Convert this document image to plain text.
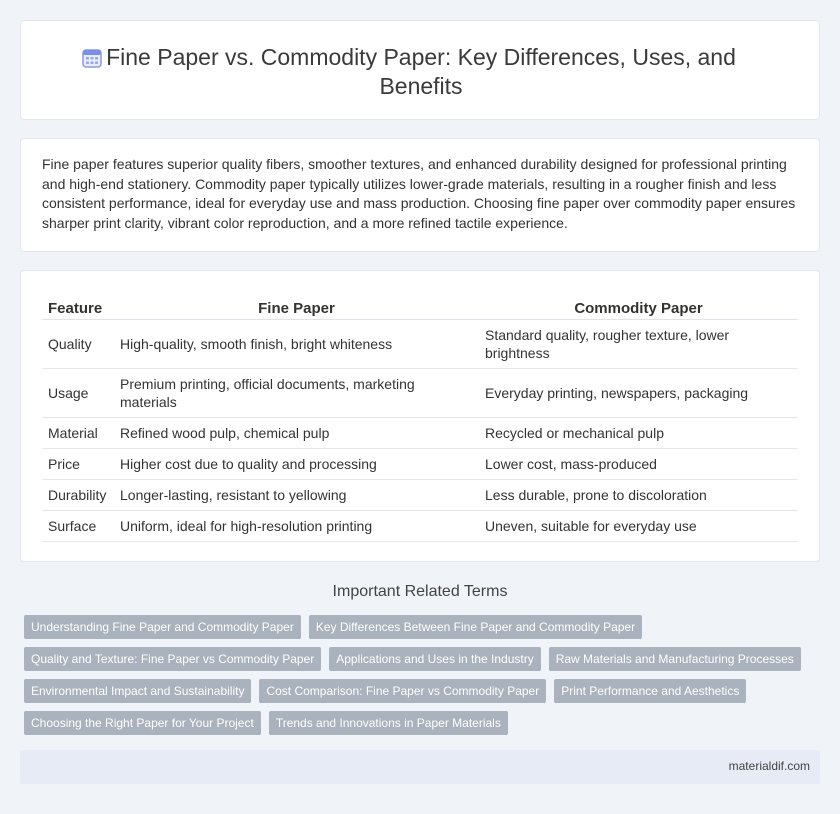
Fine Paper vs. Commodity Paper: Key Differences, Uses, and Benefits

Fine paper features superior quality fibers, smoother textures, and enhanced durability designed for professional printing and high-end stationery. Commodity paper typically utilizes lower-grade materials, resulting in a rougher finish and less consistent performance, ideal for everyday use and mass production. Choosing fine paper over commodity paper ensures sharper print clarity, vibrant color reproduction, and a more refined tactile experience.

Feature	Fine Paper	Commodity Paper
Quality	High-quality, smooth finish, bright whiteness	Standard quality, rougher texture, lower brightness
Usage	Premium printing, official documents, marketing materials	Everyday printing, newspapers, packaging
Material	Refined wood pulp, chemical pulp	Recycled or mechanical pulp
Price	Higher cost due to quality and processing	Lower cost, mass-produced
Durability	Longer-lasting, resistant to yellowing	Less durable, prone to discoloration
Surface	Uniform, ideal for high-resolution printing	Uneven, suitable for everyday use
Important Related Terms
Understanding Fine Paper and Commodity Paper	Key Differences Between Fine Paper and Commodity Paper
Quality and Texture: Fine Paper vs Commodity Paper	Applications and Uses in the Industry	Raw Materials and Manufacturing Processes
Environmental Impact and Sustainability	Cost Comparison: Fine Paper vs Commodity Paper	Print Performance and Aesthetics
Choosing the Right Paper for Your Project	Trends and Innovations in Paper Materials
materialdif.com
